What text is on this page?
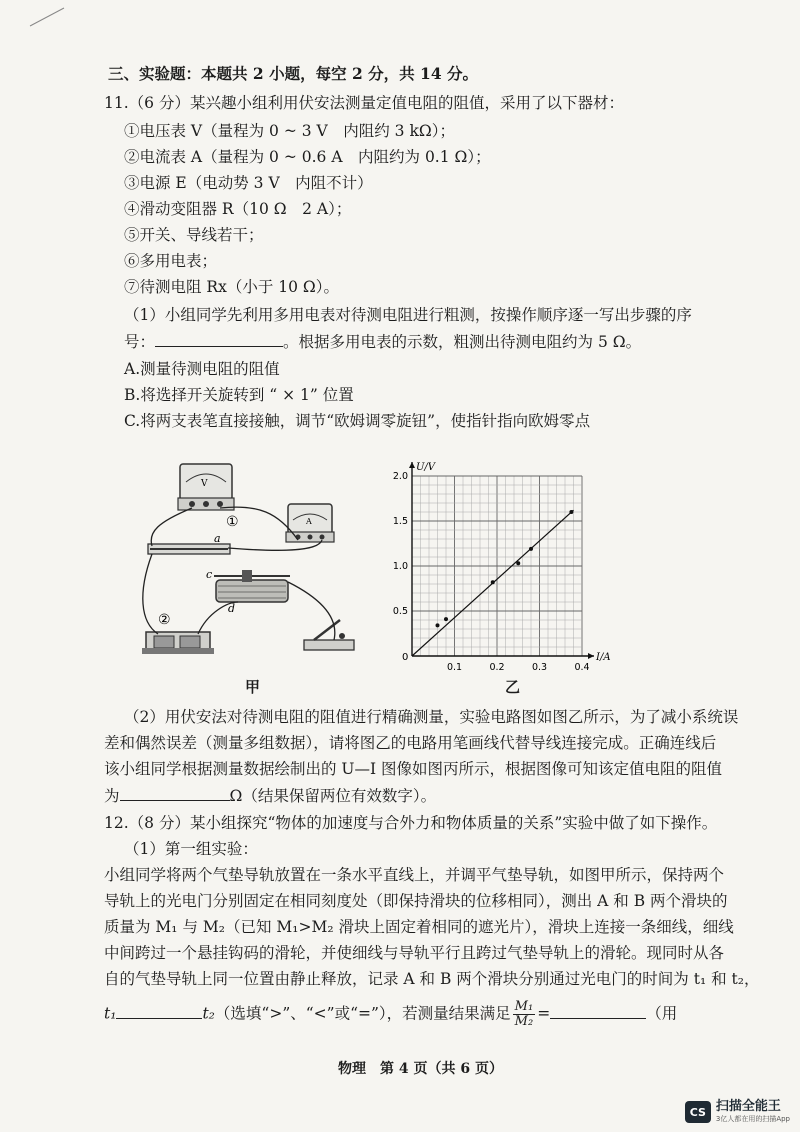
三、实验题：本题共 2 小题，每空 2 分，共 14 分。
11.（6 分）某兴趣小组利用伏安法测量定值电阻的阻值，采用了以下器材：
①电压表 V（量程为 0 ~ 3 V　内阻约 3 kΩ）；
②电流表 A（量程为 0 ~ 0.6 A　内阻约为 0.1 Ω）；
③电源 E（电动势 3 V　内阻不计）
④滑动变阻器 R（10 Ω　2 A）；
⑤开关、导线若干；
⑥多用电表；
⑦待测电阻 Rx（小于 10 Ω）。
（1）小组同学先利用多用电表对待测电阻进行粗测，按操作顺序逐一写出步骤的序
号：	。根据多用电表的示数，粗测出待测电阻约为 5 Ω。
A.测量待测电阻的阻值
B.将选择开关旋转到 “ × 1” 位置
C.将两支表笔直接接触，调节“欧姆调零旋钮”，使指针指向欧姆零点
V
A
①
②
a
c
d
甲
I/A
U/V
0
0.1	0.2	0.3	0.4
0.5
1.0
1.5
2.0
乙
（2）用伏安法对待测电阻的阻值进行精确测量，实验电路图如图乙所示，为了减小系统误
差和偶然误差（测量多组数据），请将图乙的电路用笔画线代替导线连接完成。正确连线后
该小组同学根据测量数据绘制出的 U—I 图像如图丙所示，根据图像可知该定值电阻的阻值
为	Ω（结果保留两位有效数字）。
12.（8 分）某小组探究“物体的加速度与合外力和物体质量的关系”实验中做了如下操作。
（1）第一组实验：
小组同学将两个气垫导轨放置在一条水平直线上，并调平气垫导轨，如图甲所示，保持两个
导轨上的光电门分别固定在相同刻度处（即保持滑块的位移相同），测出 A 和 B 两个滑块的
质量为 M₁ 与 M₂（已知 M₁>M₂ 滑块上固定着相同的遮光片），滑块上连接一条细线，细线
中间跨过一个悬挂钩码的滑轮，并使细线与导轨平行且跨过气垫导轨上的滑轮。现同时从各
自的气垫导轨上同一位置由静止释放，记录 A 和 B 两个滑块分别通过光电门的时间为 t₁ 和 t₂，
t₁	t₂（选填“>”、“<”或“=”），若测量结果满足 $\frac{\text{M₁}}{\text{M₂}}$ =	（用
物理　第 4 页（共 6 页）
CS 扫描全能王
3亿人都在用的扫描App
